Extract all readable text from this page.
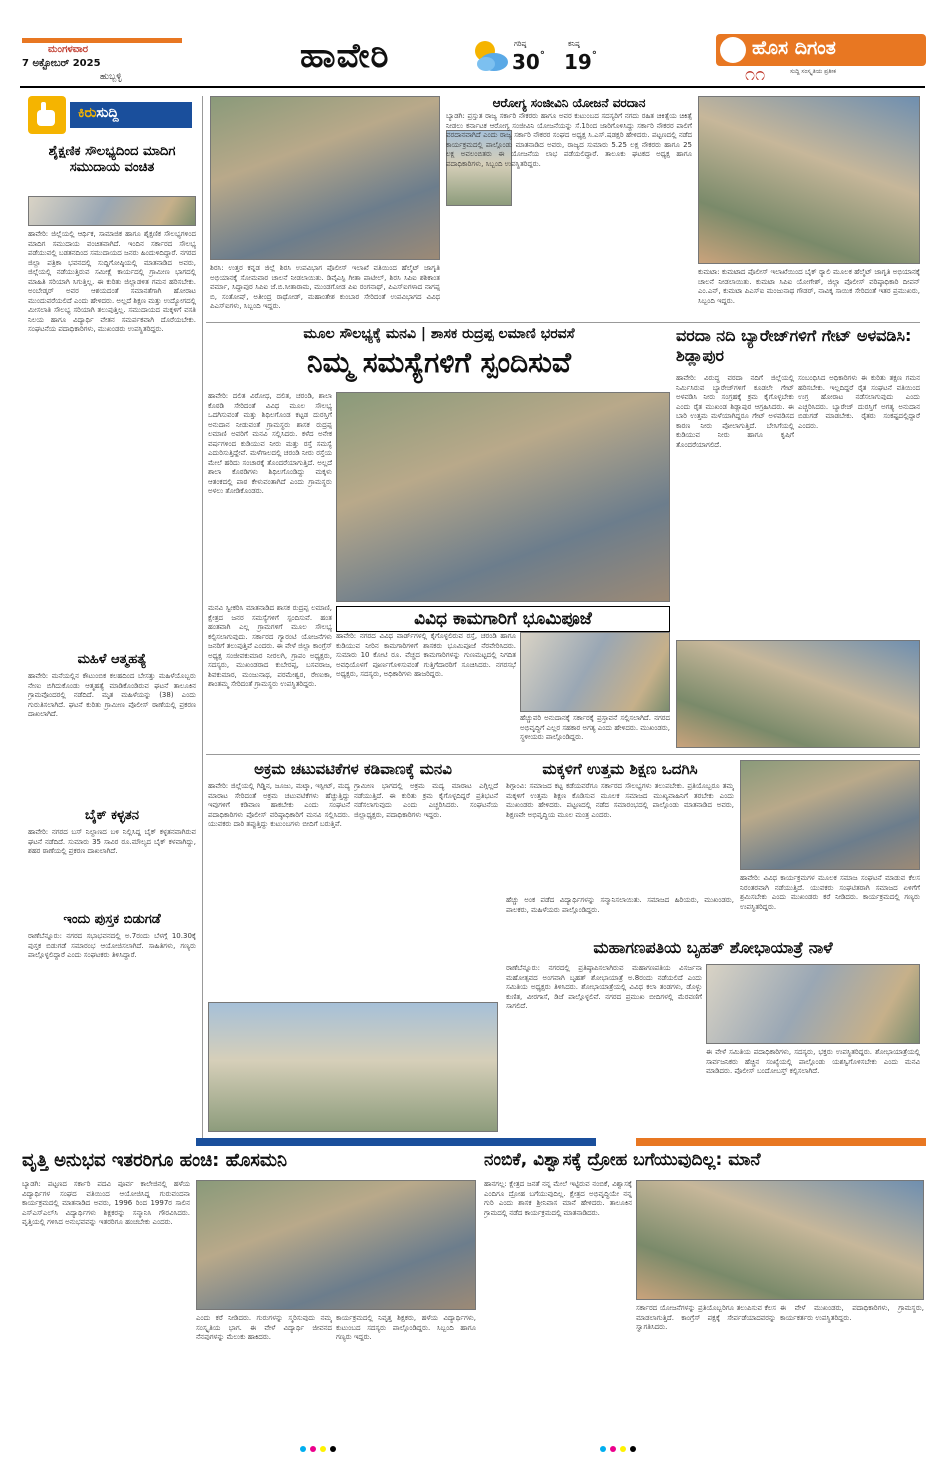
ಮಂಗಳವಾರ
7 ಅಕ್ಟೋಬರ್ 2025
ಹುಬ್ಬಳ್ಳಿ
ಹಾವೇರಿ	ಗರಿಷ್ಠ
30°
ಕನಿಷ್ಠ
19°	ಹೊಸ ದಿಗಂತ
ಸುದ್ದಿ ಸಂಸ್ಕೃತಿಯ ಪ್ರತೀಕ
೧೧
ಕಿರುಸುದ್ದಿ
ಶೈಕ್ಷಣಿಕ ಸೌಲಭ್ಯದಿಂದ ಮಾದಿಗ ಸಮುದಾಯ ವಂಚಿತ
ಹಾವೇರಿ: ಜಿಲ್ಲೆಯಲ್ಲಿ ಆರ್ಥಿಕ, ಸಾಮಾಜಿಕ ಹಾಗೂ ಶೈಕ್ಷಣಿಕ ಸೌಲಭ್ಯಗಳಿಂದ ಮಾದಿಗ ಸಮುದಾಯ ವಂಚಿತವಾಗಿದೆ. ಇಂದಿನ ಸರ್ಕಾರದ ಸೌಲಭ್ಯ ಪಡೆಯುವಲ್ಲಿ ಬಡತನದಿಂದ ಸಮುದಾಯದ ಜನರು ಹಿಂದುಳಿದಿದ್ದಾರೆ. ನಗರದ ಜಿಲ್ಲಾ ಪತ್ರಿಕಾ ಭವನದಲ್ಲಿ ಸುದ್ದಿಗೋಷ್ಠಿಯಲ್ಲಿ ಮಾತನಾಡಿದ ಅವರು, ಜಿಲ್ಲೆಯಲ್ಲಿ ನಡೆಯುತ್ತಿರುವ ಸಮೀಕ್ಷೆ ಕಾರ್ಯದಲ್ಲಿ ಗ್ರಾಮೀಣ ಭಾಗದಲ್ಲಿ ಮಾಹಿತಿ ಸರಿಯಾಗಿ ಸಿಗುತ್ತಿಲ್ಲ. ಈ ಕುರಿತು ಜಿಲ್ಲಾಡಳಿತ ಗಮನ ಹರಿಸಬೇಕು. ಅಂಬೇಡ್ಕರ್ ಅವರ ಆಶಯದಂತೆ ಸಮಾನತೆಗಾಗಿ ಹೋರಾಟ ಮುಂದುವರೆಯಲಿದೆ ಎಂದು ಹೇಳಿದರು. ಅಲ್ಲದೆ ಶಿಕ್ಷಣ ಮತ್ತು ಉದ್ಯೋಗದಲ್ಲಿ ಮೀಸಲಾತಿ ಸೌಲಭ್ಯ ಸರಿಯಾಗಿ ತಲುಪುತ್ತಿಲ್ಲ. ಸಮುದಾಯದ ಮಕ್ಕಳಿಗೆ ವಸತಿ ನಿಲಯ ಹಾಗೂ ವಿದ್ಯಾರ್ಥಿ ವೇತನ ಸಮರ್ಪಕವಾಗಿ ದೊರೆಯಬೇಕು. ಸಂಘಟನೆಯ ಪದಾಧಿಕಾರಿಗಳು, ಮುಖಂಡರು ಉಪಸ್ಥಿತರಿದ್ದರು.
ಮಹಿಳೆ ಆತ್ಮಹತ್ಯೆ
ಹಾವೇರಿ: ಮನೆಯಲ್ಲಿನ ಕೌಟುಂಬಿಕ ಕಲಹದಿಂದ ಬೇಸತ್ತು ಮಹಿಳೆಯೊಬ್ಬರು ನೇಣು ಬಿಗಿದುಕೊಂಡು ಆತ್ಮಹತ್ಯೆ ಮಾಡಿಕೊಂಡಿರುವ ಘಟನೆ ತಾಲೂಕಿನ ಗ್ರಾಮವೊಂದರಲ್ಲಿ ನಡೆದಿದೆ. ಮೃತ ಮಹಿಳೆಯನ್ನು (38) ಎಂದು ಗುರುತಿಸಲಾಗಿದೆ. ಘಟನೆ ಕುರಿತು ಗ್ರಾಮೀಣ ಪೊಲೀಸ್ ಠಾಣೆಯಲ್ಲಿ ಪ್ರಕರಣ ದಾಖಲಾಗಿದೆ.
ಬೈಕ್ ಕಳ್ಳತನ
ಹಾವೇರಿ: ನಗರದ ಬಸ್ ನಿಲ್ದಾಣದ ಬಳಿ ನಿಲ್ಲಿಸಿದ್ದ ಬೈಕ್ ಕಳ್ಳತನವಾಗಿರುವ ಘಟನೆ ನಡೆದಿದೆ. ಸುಮಾರು 35 ಸಾವಿರ ರೂ.ಮೌಲ್ಯದ ಬೈಕ್ ಕಳವಾಗಿದ್ದು, ಶಹರ ಠಾಣೆಯಲ್ಲಿ ಪ್ರಕರಣ ದಾಖಲಾಗಿದೆ.
ಇಂದು ಪುಸ್ತಕ ಬಿಡುಗಡೆ
ರಾಣೆಬೆನ್ನೂರು: ನಗರದ ಸಭಾಭವನದಲ್ಲಿ ಅ.7ರಂದು ಬೆಳಗ್ಗೆ 10.30ಕ್ಕೆ ಪುಸ್ತಕ ಬಿಡುಗಡೆ ಸಮಾರಂಭ ಆಯೋಜಿಸಲಾಗಿದೆ. ಸಾಹಿತಿಗಳು, ಗಣ್ಯರು ಪಾಲ್ಗೊಳ್ಳಲಿದ್ದಾರೆ ಎಂದು ಸಂಘಟಕರು ತಿಳಿಸಿದ್ದಾರೆ.
ಶಿರಸಿ: ಉತ್ತರ ಕನ್ನಡ ಜಿಲ್ಲೆ ಶಿರಸಿ ಉಪವಿಭಾಗ ಪೊಲೀಸ್ ಇಲಾಖೆ ವತಿಯಿಂದ ಹೆಲ್ಮೆಟ್ ಜಾಗೃತಿ ಅಭಿಯಾನಕ್ಕೆ ಸೋಮವಾರ ಚಾಲನೆ ನೀಡಲಾಯಿತು. ಡಿವೈಎಸ್ಪಿ ಗೀತಾ ಪಾಟೀಲ್, ಶಿರಸಿ ಸಿಪಿಐ ಶಶಿಕಾಂತ ವರ್ಮಾ, ಸಿದ್ದಾಪುರ ಸಿಪಿಐ ಜೆ.ಬಿ.ಸೀತಾರಾಮ, ಮುಂಡಗೋಡ ಪಿಐ ರಂಗನಾಥ್, ಪಿಎಸ್‌ಐಗಳಾದ ನಾಗಪ್ಪ ಬಿ, ಸಂತೋಷ್, ಅತೀಂದ್ರ ರಾಥೋಡ್, ಮಹಾಂತೇಶ ಕುಂಬಾರ ಸೇರಿದಂತೆ ಉಪವಿಭಾಗದ ವಿವಿಧ ಪಿಎಸ್‌ಐಗಳು, ಸಿಬ್ಬಂದಿ ಇದ್ದರು.
ಆರೋಗ್ಯ ಸಂಜೀವಿನಿ ಯೋಜನೆ ವರದಾನ
ಬ್ಯಾಡಗಿ: ಪ್ರಸ್ತುತ ರಾಜ್ಯ ಸರ್ಕಾರಿ ನೌಕರರು ಹಾಗೂ ಅವರ ಕುಟುಂಬದ ಸದಸ್ಯರಿಗೆ ನಗದು ರಹಿತ ಚಿಕಿತ್ಸೆಯ ಚಿಕಿತ್ಸೆ ನೀಡಲು ಕರ್ನಾಟಕ ಆರೋಗ್ಯ ಸಂಜೀವಿನಿ ಯೋಜನೆಯನ್ನು ಸೆ.1ರಿಂದ ಜಾರಿಗೊಳಿಸಿದ್ದು ಸರ್ಕಾರಿ ನೌಕರರ ಪಾಲಿಗೆ ವರದಾನವಾಗಿದೆ ಎಂದು ರಾಜ್ಯ ಸರ್ಕಾರಿ ನೌಕರರ ಸಂಘದ ಅಧ್ಯಕ್ಷ ಸಿ.ಎಸ್.ಷಡಕ್ಷರಿ ಹೇಳಿದರು. ಪಟ್ಟಣದಲ್ಲಿ ನಡೆದ ಕಾರ್ಯಕ್ರಮದಲ್ಲಿ ಪಾಲ್ಗೊಂಡು ಮಾತನಾಡಿದ ಅವರು, ರಾಜ್ಯದ ಸುಮಾರು 5.25 ಲಕ್ಷ ನೌಕರರು ಹಾಗೂ 25 ಲಕ್ಷ ಅವಲಂಬಿತರು ಈ ಯೋಜನೆಯ ಲಾಭ ಪಡೆಯಲಿದ್ದಾರೆ. ತಾಲೂಕು ಘಟಕದ ಅಧ್ಯಕ್ಷ ಹಾಗೂ ಪದಾಧಿಕಾರಿಗಳು, ಸಿಬ್ಬಂದಿ ಉಪಸ್ಥಿತರಿದ್ದರು.
ಕುಮಟಾ: ಕುಮಟಾದ ಪೊಲೀಸ್ ಇಲಾಖೆಯಿಂದ ಬೈಕ್ ರ‍್ಯಾಲಿ ಮೂಲಕ ಹೆಲ್ಮೆಟ್ ಜಾಗೃತಿ ಅಭಿಯಾನಕ್ಕೆ ಚಾಲನೆ ನೀಡಲಾಯಿತು. ಕುಮಟಾ ಸಿಪಿಐ ಯೋಗೇಶ್, ಜಿಲ್ಲಾ ಪೊಲೀಸ್ ವರಿಷ್ಠಾಧಿಕಾರಿ ದೀಪನ್ ಎಂ.ಎನ್, ಕುಮಟಾ ಪಿಎಸ್‌ಐ ಮಂಜುನಾಥ ಗೌಡರ್, ನಾವಿಕ್ಕ ಸಾಯಿಕ ಸೇರಿದಂತೆ ಇತರ ಪ್ರಮುಖರು, ಸಿಬ್ಬಂದಿ ಇದ್ದರು.
ಮೂಲ ಸೌಲಭ್ಯಕ್ಕೆ ಮನವಿ | ಶಾಸಕ ರುದ್ರಪ್ಪ ಲಮಾಣಿ ಭರವಸೆ
ನಿಮ್ಮ ಸಮಸ್ಯೆಗಳಿಗೆ ಸ್ಪಂದಿಸುವೆ
ಹಾವೇರಿ: ದಲಿತ ವಿರೋಧ, ದಲಿತ, ಚರಂಡಿ, ಶಾಲಾ ಕೊಠಡಿ ಸೇರಿದಂತೆ ವಿವಿಧ ಮೂಲ ಸೌಲಭ್ಯ ಒದಗಿಸುವಂತೆ ಮತ್ತು ಶಿಥಿಲಗೊಂಡ ಕಟ್ಟಡ ದುರಸ್ತಿಗೆ ಅನುದಾನ ನೀಡುವಂತೆ ಗ್ರಾಮಸ್ಥರು ಶಾಸಕ ರುದ್ರಪ್ಪ ಲಮಾಣಿ ಅವರಿಗೆ ಮನವಿ ಸಲ್ಲಿಸಿದರು. ಕಳೆದ ಅನೇಕ ವರ್ಷಗಳಿಂದ ಕುಡಿಯುವ ನೀರು ಮತ್ತು ರಸ್ತೆ ಸಮಸ್ಯೆ ಎದುರಿಸುತ್ತಿದ್ದೇವೆ. ಮಳೆಗಾಲದಲ್ಲಿ ಚರಂಡಿ ನೀರು ರಸ್ತೆಯ ಮೇಲೆ ಹರಿದು ಸಂಚಾರಕ್ಕೆ ತೊಂದರೆಯಾಗುತ್ತಿದೆ. ಅಲ್ಲದೆ ಶಾಲಾ ಕೊಠಡಿಗಳು ಶಿಥಿಲಗೊಂಡಿದ್ದು ಮಕ್ಕಳು ಆತಂಕದಲ್ಲಿ ಪಾಠ ಕೇಳುವಂತಾಗಿದೆ ಎಂದು ಗ್ರಾಮಸ್ಥರು ಅಳಲು ತೋಡಿಕೊಂಡರು.
ಮನವಿ ಸ್ವೀಕರಿಸಿ ಮಾತನಾಡಿದ ಶಾಸಕ ರುದ್ರಪ್ಪ ಲಮಾಣಿ, ಕ್ಷೇತ್ರದ ಜನರ ಸಮಸ್ಯೆಗಳಿಗೆ ಸ್ಪಂದಿಸುವೆ. ಹಂತ ಹಂತವಾಗಿ ಎಲ್ಲ ಗ್ರಾಮಗಳಿಗೆ ಮೂಲ ಸೌಲಭ್ಯ ಕಲ್ಪಿಸಲಾಗುವುದು. ಸರ್ಕಾರದ ಗ್ಯಾರಂಟಿ ಯೋಜನೆಗಳು ಜನರಿಗೆ ತಲುಪುತ್ತಿವೆ ಎಂದರು. ಈ ವೇಳೆ ಜಿಲ್ಲಾ ಕಾಂಗ್ರೆಸ್ ಅಧ್ಯಕ್ಷ ಸಂಜೀವಕುಮಾರ ನೀರಲಗಿ, ಗ್ರಾಪಂ ಅಧ್ಯಕ್ಷರು, ಸದಸ್ಯರು, ಮುಖಂಡರಾದ ಕುಬೇರಪ್ಪ, ಬಸವರಾಜ, ಶಿವಕುಮಾರ, ಮಂಜುನಾಥ, ಪರಮೇಶ್ವರ, ರೇಣುಕಾ, ಶಾಂತಮ್ಮ ಸೇರಿದಂತೆ ಗ್ರಾಮಸ್ಥರು ಉಪಸ್ಥಿತರಿದ್ದರು.
ವಿವಿಧ ಕಾಮಗಾರಿಗೆ ಭೂಮಿಪೂಜೆ
ಹಾವೇರಿ: ನಗರದ ವಿವಿಧ ವಾರ್ಡ್‌ಗಳಲ್ಲಿ ಕೈಗೊಳ್ಳಲಿರುವ ರಸ್ತೆ, ಚರಂಡಿ ಹಾಗೂ ಕುಡಿಯುವ ನೀರಿನ ಕಾಮಗಾರಿಗಳಿಗೆ ಶಾಸಕರು ಭೂಮಿಪೂಜೆ ನೆರವೇರಿಸಿದರು. ಸುಮಾರು 10 ಕೋಟಿ ರೂ. ವೆಚ್ಚದ ಕಾಮಗಾರಿಗಳನ್ನು ಗುಣಮಟ್ಟದಲ್ಲಿ ನಿಗದಿತ ಅವಧಿಯೊಳಗೆ ಪೂರ್ಣಗೊಳಿಸುವಂತೆ ಗುತ್ತಿಗೆದಾರರಿಗೆ ಸೂಚಿಸಿದರು. ನಗರಸಭೆ ಅಧ್ಯಕ್ಷರು, ಸದಸ್ಯರು, ಅಧಿಕಾರಿಗಳು ಹಾಜರಿದ್ದರು.
ಹೆಚ್ಚುವರಿ ಅನುದಾನಕ್ಕೆ ಸರ್ಕಾರಕ್ಕೆ ಪ್ರಸ್ತಾವನೆ ಸಲ್ಲಿಸಲಾಗಿದೆ. ನಗರದ ಅಭಿವೃದ್ಧಿಗೆ ಎಲ್ಲರ ಸಹಕಾರ ಅಗತ್ಯ ಎಂದು ಹೇಳಿದರು. ಮುಖಂಡರು, ಸ್ಥಳೀಯರು ಪಾಲ್ಗೊಂಡಿದ್ದರು.
ವರದಾ ನದಿ ಬ್ಯಾರೇಜ್‌ಗಳಿಗೆ ಗೇಟ್ ಅಳವಡಿಸಿ: ಶಿಡ್ಲಾಪುರ
ಹಾವೇರಿ: ವಿರುದ್ಧ ವರದಾ ನದಿಗೆ ಜಿಲ್ಲೆಯಲ್ಲಿ ನಿರ್ಮಿಸಿರುವ ಬ್ಯಾರೇಜ್‌ಗಳಿಗೆ ಕೂಡಲೇ ಗೇಟ್ ಅಳವಡಿಸಿ ನೀರು ಸಂಗ್ರಹಕ್ಕೆ ಕ್ರಮ ಕೈಗೊಳ್ಳಬೇಕು ಎಂದು ರೈತ ಮುಖಂಡ ಶಿಡ್ಲಾಪುರ ಆಗ್ರಹಿಸಿದರು. ಈ ಬಾರಿ ಉತ್ತಮ ಮಳೆಯಾಗಿದ್ದರೂ ಗೇಟ್ ಅಳವಡಿಸದ ಕಾರಣ ನೀರು ಪೋಲಾಗುತ್ತಿದೆ. ಬೇಸಿಗೆಯಲ್ಲಿ ಕುಡಿಯುವ ನೀರು ಹಾಗೂ ಕೃಷಿಗೆ ತೊಂದರೆಯಾಗಲಿದೆ.
ಸಂಬಂಧಿಸಿದ ಅಧಿಕಾರಿಗಳು ಈ ಕುರಿತು ತಕ್ಷಣ ಗಮನ ಹರಿಸಬೇಕು. ಇಲ್ಲದಿದ್ದರೆ ರೈತ ಸಂಘಟನೆ ವತಿಯಿಂದ ಉಗ್ರ ಹೋರಾಟ ನಡೆಸಲಾಗುವುದು ಎಂದು ಎಚ್ಚರಿಸಿದರು. ಬ್ಯಾರೇಜ್ ದುರಸ್ತಿಗೆ ಅಗತ್ಯ ಅನುದಾನ ಬಿಡುಗಡೆ ಮಾಡಬೇಕು. ರೈತರು ಸಂಕಷ್ಟದಲ್ಲಿದ್ದಾರೆ ಎಂದರು.
ಅಕ್ರಮ ಚಟುವಟಿಕೆಗಳ ಕಡಿವಾಣಕ್ಕೆ ಮನವಿ
ಹಾವೇರಿ: ಜಿಲ್ಲೆಯಲ್ಲಿ ಗಿಡ್ಡಿನ, ಜೂಜು, ಮಟ್ಕಾ, ಇಸ್ಪೀಟ್, ಮದ್ಯ ಮಾರಾಟ ಸೇರಿದಂತೆ ಅಕ್ರಮ ಚಟುವಟಿಕೆಗಳು ಹೆಚ್ಚುತ್ತಿದ್ದು ಇವುಗಳಿಗೆ ಕಡಿವಾಣ ಹಾಕಬೇಕು ಎಂದು ಸಂಘಟನೆ ಪದಾಧಿಕಾರಿಗಳು ಪೊಲೀಸ್ ವರಿಷ್ಠಾಧಿಕಾರಿಗೆ ಮನವಿ ಸಲ್ಲಿಸಿದರು. ಯುವಕರು ದಾರಿ ತಪ್ಪುತ್ತಿದ್ದು ಕುಟುಂಬಗಳು ಬೀದಿಗೆ ಬರುತ್ತಿವೆ.
ಗ್ರಾಮೀಣ ಭಾಗದಲ್ಲಿ ಅಕ್ರಮ ಮದ್ಯ ಮಾರಾಟ ಎಗ್ಗಿಲ್ಲದೆ ನಡೆಯುತ್ತಿದೆ. ಈ ಕುರಿತು ಕ್ರಮ ಕೈಗೊಳ್ಳದಿದ್ದರೆ ಪ್ರತಿಭಟನೆ ನಡೆಸಲಾಗುವುದು ಎಂದು ಎಚ್ಚರಿಸಿದರು. ಸಂಘಟನೆಯ ಜಿಲ್ಲಾಧ್ಯಕ್ಷರು, ಪದಾಧಿಕಾರಿಗಳು ಇದ್ದರು.
ಮಕ್ಕಳಿಗೆ ಉತ್ತಮ ಶಿಕ್ಷಣ ಒದಗಿಸಿ
ಶಿಗ್ಗಾಂವಿ: ಸಮಾಜದ ಕಟ್ಟ ಕಡೆಯವರೆಗೂ ಸರ್ಕಾರದ ಸೌಲಭ್ಯಗಳು ತಲುಪಬೇಕು. ಪ್ರತಿಯೊಬ್ಬರೂ ತಮ್ಮ ಮಕ್ಕಳಿಗೆ ಉತ್ತಮ ಶಿಕ್ಷಣ ಕೊಡಿಸುವ ಮೂಲಕ ಸಮಾಜದ ಮುಖ್ಯವಾಹಿನಿಗೆ ತರಬೇಕು ಎಂದು ಮುಖಂಡರು ಹೇಳಿದರು. ಪಟ್ಟಣದಲ್ಲಿ ನಡೆದ ಸಮಾರಂಭದಲ್ಲಿ ಪಾಲ್ಗೊಂಡು ಮಾತನಾಡಿದ ಅವರು, ಶಿಕ್ಷಣವೇ ಅಭಿವೃದ್ಧಿಯ ಮೂಲ ಮಂತ್ರ ಎಂದರು.
ಹೆಚ್ಚು ಅಂಕ ಪಡೆದ ವಿದ್ಯಾರ್ಥಿಗಳನ್ನು ಸನ್ಮಾನಿಸಲಾಯಿತು. ಸಮಾಜದ ಹಿರಿಯರು, ಮುಖಂಡರು, ಪಾಲಕರು, ಮಹಿಳೆಯರು ಪಾಲ್ಗೊಂಡಿದ್ದರು.
ಹಾವೇರಿ: ವಿವಿಧ ಕಾರ್ಯಕ್ರಮಗಳ ಮೂಲಕ ಸಮಾಜ ಸಂಘಟನೆ ಮಾಡುವ ಕೆಲಸ ನಿರಂತರವಾಗಿ ನಡೆಯುತ್ತಿದೆ. ಯುವಕರು ಸಂಘಟಿತರಾಗಿ ಸಮಾಜದ ಏಳಿಗೆಗೆ ಶ್ರಮಿಸಬೇಕು ಎಂದು ಮುಖಂಡರು ಕರೆ ನೀಡಿದರು. ಕಾರ್ಯಕ್ರಮದಲ್ಲಿ ಗಣ್ಯರು ಉಪಸ್ಥಿತರಿದ್ದರು.
ಮಹಾಗಣಪತಿಯ ಬೃಹತ್ ಶೋಭಾಯಾತ್ರೆ ನಾಳೆ
ರಾಣೆಬೆನ್ನೂರು: ನಗರದಲ್ಲಿ ಪ್ರತಿಷ್ಠಾಪಿಸಲಾಗಿರುವ ಮಹಾಗಣಪತಿಯ ವಿಸರ್ಜನಾ ಮಹೋತ್ಸವದ ಅಂಗವಾಗಿ ಬೃಹತ್ ಶೋಭಾಯಾತ್ರೆ ಅ.8ರಂದು ನಡೆಯಲಿದೆ ಎಂದು ಸಮಿತಿಯ ಅಧ್ಯಕ್ಷರು ತಿಳಿಸಿದರು. ಶೋಭಾಯಾತ್ರೆಯಲ್ಲಿ ವಿವಿಧ ಕಲಾ ತಂಡಗಳು, ಡೊಳ್ಳು ಕುಣಿತ, ವೀರಗಾಸೆ, ಡಿಜೆ ಪಾಲ್ಗೊಳ್ಳಲಿವೆ. ನಗರದ ಪ್ರಮುಖ ಬೀದಿಗಳಲ್ಲಿ ಮೆರವಣಿಗೆ ಸಾಗಲಿದೆ.
ಈ ವೇಳೆ ಸಮಿತಿಯ ಪದಾಧಿಕಾರಿಗಳು, ಸದಸ್ಯರು, ಭಕ್ತರು ಉಪಸ್ಥಿತರಿದ್ದರು. ಶೋಭಾಯಾತ್ರೆಯಲ್ಲಿ ಸಾರ್ವಜನಿಕರು ಹೆಚ್ಚಿನ ಸಂಖ್ಯೆಯಲ್ಲಿ ಪಾಲ್ಗೊಂಡು ಯಶಸ್ವಿಗೊಳಿಸಬೇಕು ಎಂದು ಮನವಿ ಮಾಡಿದರು. ಪೊಲೀಸ್ ಬಂದೋಬಸ್ತ್ ಕಲ್ಪಿಸಲಾಗಿದೆ.
ವೃತ್ತಿ ಅನುಭವ ಇತರರಿಗೂ ಹಂಚಿ: ಹೊಸಮನಿ
ಬ್ಯಾಡಗಿ: ಪಟ್ಟಣದ ಸರ್ಕಾರಿ ಪದವಿ ಪೂರ್ವ ಕಾಲೇಜಿನಲ್ಲಿ ಹಳೆಯ ವಿದ್ಯಾರ್ಥಿಗಳ ಸಂಘದ ವತಿಯಿಂದ ಆಯೋಜಿಸಿದ್ದ ಗುರುವಂದನಾ ಕಾರ್ಯಕ್ರಮದಲ್ಲಿ ಮಾತನಾಡಿದ ಅವರು, 1996 ರಿಂದ 1997ರ ಸಾಲಿನ ಎಸ್‌ಎಸ್‌ಎಲ್‌ಸಿ ವಿದ್ಯಾರ್ಥಿಗಳು ಶಿಕ್ಷಕರನ್ನು ಸನ್ಮಾನಿಸಿ ಗೌರವಿಸಿದರು. ವೃತ್ತಿಯಲ್ಲಿ ಗಳಿಸಿದ ಅನುಭವವನ್ನು ಇತರರಿಗೂ ಹಂಚಬೇಕು ಎಂದರು.
ಎಂದು ಕರೆ ನೀಡಿದರು. ಗುರುಗಳನ್ನು ಸ್ಮರಿಸುವುದು ನಮ್ಮ ಸಂಸ್ಕೃತಿಯ ಭಾಗ. ಈ ವೇಳೆ ವಿದ್ಯಾರ್ಥಿ ಜೀವನದ ನೆನಪುಗಳನ್ನು ಮೆಲುಕು ಹಾಕಿದರು.
ಕಾರ್ಯಕ್ರಮದಲ್ಲಿ ನಿವೃತ್ತ ಶಿಕ್ಷಕರು, ಹಳೆಯ ವಿದ್ಯಾರ್ಥಿಗಳು, ಕುಟುಂಬದ ಸದಸ್ಯರು ಪಾಲ್ಗೊಂಡಿದ್ದರು. ಸಿಬ್ಬಂದಿ ಹಾಗೂ ಗಣ್ಯರು ಇದ್ದರು.
ನಂಬಿಕೆ, ವಿಶ್ವಾಸಕ್ಕೆ ದ್ರೋಹ ಬಗೆಯುವುದಿಲ್ಲ: ಮಾನೆ
ಹಾನಗಲ್ಲ: ಕ್ಷೇತ್ರದ ಜನತೆ ನನ್ನ ಮೇಲೆ ಇಟ್ಟಿರುವ ನಂಬಿಕೆ, ವಿಶ್ವಾಸಕ್ಕೆ ಎಂದಿಗೂ ದ್ರೋಹ ಬಗೆಯುವುದಿಲ್ಲ. ಕ್ಷೇತ್ರದ ಅಭಿವೃದ್ಧಿಯೇ ನನ್ನ ಗುರಿ ಎಂದು ಶಾಸಕ ಶ್ರೀನಿವಾಸ ಮಾನೆ ಹೇಳಿದರು. ತಾಲೂಕಿನ ಗ್ರಾಮದಲ್ಲಿ ನಡೆದ ಕಾರ್ಯಕ್ರಮದಲ್ಲಿ ಮಾತನಾಡಿದರು.
ಸರ್ಕಾರದ ಯೋಜನೆಗಳನ್ನು ಪ್ರತಿಯೊಬ್ಬರಿಗೂ ತಲುಪಿಸುವ ಕೆಲಸ ಮಾಡಲಾಗುತ್ತಿದೆ. ಕಾಂಗ್ರೆಸ್ ಪಕ್ಷಕ್ಕೆ ಸೇರ್ಪಡೆಯಾದವರನ್ನು ಸ್ವಾಗತಿಸಿದರು.
ಈ ವೇಳೆ ಮುಖಂಡರು, ಪದಾಧಿಕಾರಿಗಳು, ಗ್ರಾಮಸ್ಥರು, ಕಾರ್ಯಕರ್ತರು ಉಪಸ್ಥಿತರಿದ್ದರು.
